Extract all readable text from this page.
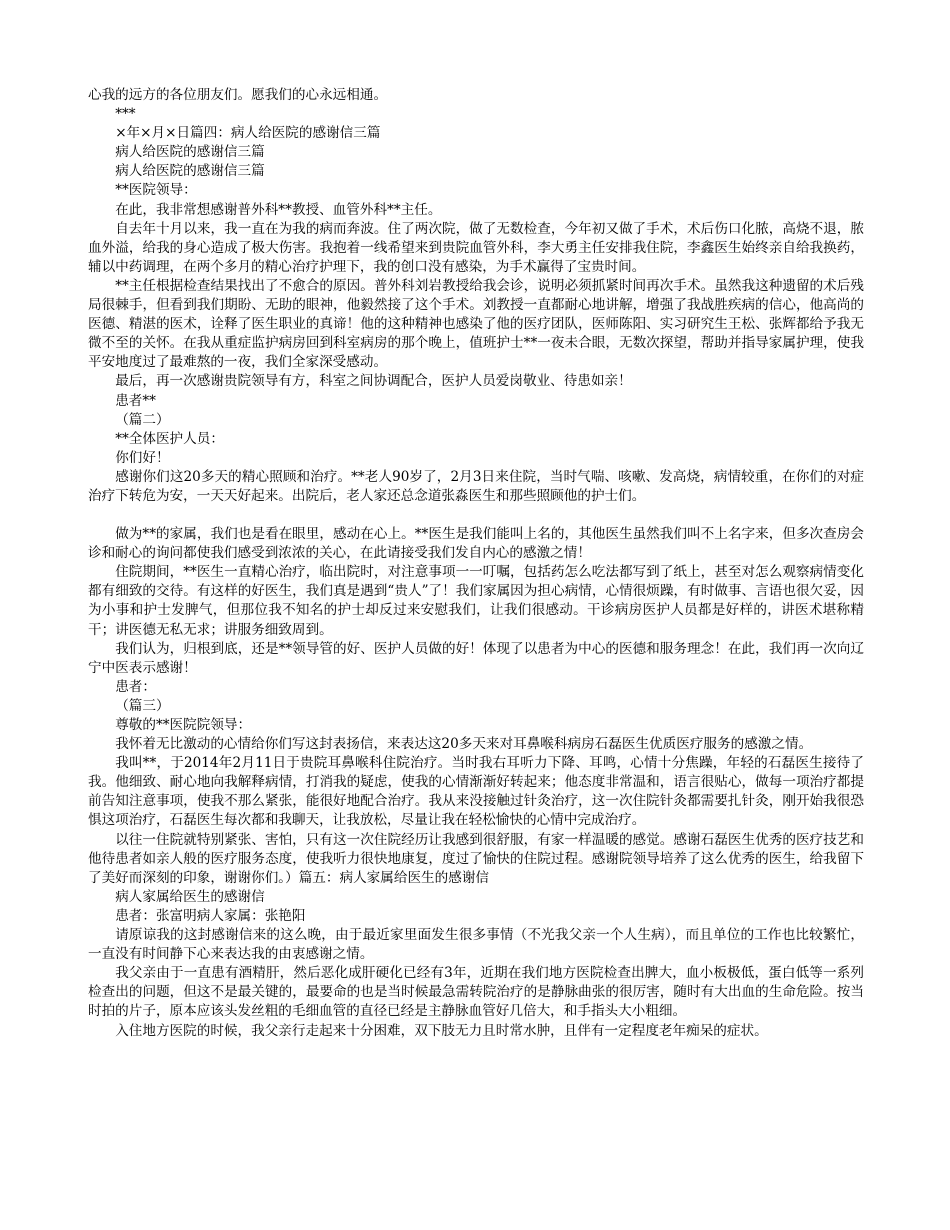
心我的远方的各位朋友们。愿我们的心永远相通。

***

×年×月×日篇四：病人给医院的感谢信三篇

病人给医院的感谢信三篇

病人给医院的感谢信三篇

**医院领导：

在此，我非常想感谢普外科**教授、血管外科**主任。

自去年十月以来，我一直在为我的病而奔波。住了两次院，做了无数检查，今年初又做了手术，术后伤口化脓，高烧不退，脓血外溢，给我的身心造成了极大伤害。我抱着一线希望来到贵院血管外科，李大勇主任安排我住院，李鑫医生始终亲自给我换药，辅以中药调理，在两个多月的精心治疗护理下，我的创口没有感染，为手术赢得了宝贵时间。

**主任根据检查结果找出了不愈合的原因。普外科刘岩教授给我会诊，说明必须抓紧时间再次手术。虽然我这种遗留的术后残局很棘手，但看到我们期盼、无助的眼神，他毅然接了这个手术。刘教授一直都耐心地讲解，增强了我战胜疾病的信心，他高尚的医德、精湛的医术，诠释了医生职业的真谛！他的这种精神也感染了他的医疗团队，医师陈阳、实习研究生王松、张辉都给予我无微不至的关怀。在我从重症监护病房回到科室病房的那个晚上，值班护士**一夜未合眼，无数次探望，帮助并指导家属护理，使我平安地度过了最难熬的一夜，我们全家深受感动。

最后，再一次感谢贵院领导有方，科室之间协调配合，医护人员爱岗敬业、待患如亲！

患者**

（篇二）

**全体医护人员：

你们好！

感谢你们这20多天的精心照顾和治疗。**老人90岁了，2月3日来住院，当时气喘、咳嗽、发高烧，病情较重，在你们的对症治疗下转危为安，一天天好起来。出院后，老人家还总念道张淼医生和那些照顾他的护士们。

做为**的家属，我们也是看在眼里，感动在心上。**医生是我们能叫上名的，其他医生虽然我们叫不上名字来，但多次查房会诊和耐心的询问都使我们感受到浓浓的关心，在此请接受我们发自内心的感激之情！

住院期间，**医生一直精心治疗，临出院时，对注意事项一一叮嘱，包括药怎么吃法都写到了纸上，甚至对怎么观察病情变化都有细致的交待。有这样的好医生，我们真是遇到“贵人”了！我们家属因为担心病情，心情很烦躁，有时做事、言语也很欠妥，因为小事和护士发脾气，但那位我不知名的护士却反过来安慰我们，让我们很感动。干诊病房医护人员都是好样的，讲医术堪称精干；讲医德无私无求；讲服务细致周到。

我们认为，归根到底，还是**领导管的好、医护人员做的好！体现了以患者为中心的医德和服务理念！在此，我们再一次向辽宁中医表示感谢！

患者：

（篇三）

尊敬的**医院院领导：

我怀着无比激动的心情给你们写这封表扬信，来表达这20多天来对耳鼻喉科病房石磊医生优质医疗服务的感激之情。

我叫**，于2014年2月11日于贵院耳鼻喉科住院治疗。当时我右耳听力下降、耳鸣，心情十分焦躁，年轻的石磊医生接待了我。他细致、耐心地向我解释病情，打消我的疑虑，使我的心情渐渐好转起来；他态度非常温和，语言很贴心，做每一项治疗都提前告知注意事项，使我不那么紧张，能很好地配合治疗。我从来没接触过针灸治疗，这一次住院针灸都需要扎针灸，刚开始我很恐惧这项治疗，石磊医生每次都和我聊天，让我放松，尽量让我在轻松愉快的心情中完成治疗。

以往一住院就特别紧张、害怕，只有这一次住院经历让我感到很舒服，有家一样温暖的感觉。感谢石磊医生优秀的医疗技艺和他待患者如亲人般的医疗服务态度，使我听力很快地康复，度过了愉快的住院过程。感谢院领导培养了这么优秀的医生，给我留下了美好而深刻的印象，谢谢你们。）篇五：病人家属给医生的感谢信

病人家属给医生的感谢信

患者：张富明病人家属：张艳阳

请原谅我的这封感谢信来的这么晚，由于最近家里面发生很多事情（不光我父亲一个人生病），而且单位的工作也比较繁忙，一直没有时间静下心来表达我的由衷感谢之情。

我父亲由于一直患有酒精肝，然后恶化成肝硬化已经有3年，近期在我们地方医院检查出脾大，血小板极低，蛋白低等一系列检查出的问题，但这不是最关键的，最要命的也是当时候最急需转院治疗的是静脉曲张的很厉害，随时有大出血的生命危险。按当时拍的片子，原本应该头发丝粗的毛细血管的直径已经是主静脉血管好几倍大，和手指头大小粗细。

入住地方医院的时候，我父亲行走起来十分困难，双下肢无力且时常水肿，且伴有一定程度老年痴呆的症状。
